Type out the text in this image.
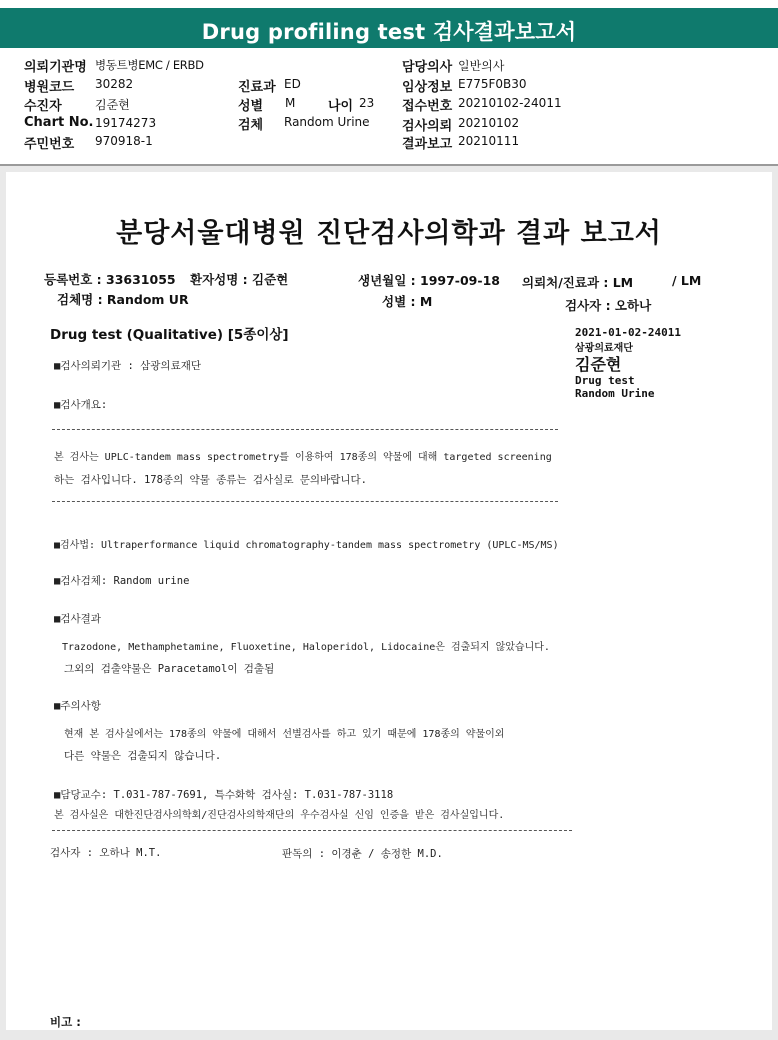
Drug profiling test 검사결과보고서
의뢰기관명 병동트병EMC / ERBD	담당의사 일반의사
병원코드 30282	진료과 ED	임상정보 E775F0B30
수진자	김준현	성별 M	나이 23 접수번호 20210102-24011
Chart No. 19174273	검체 Random Urine 검사의뢰 20210102
주민번호 970918-1	결과보고 20210111
분당서울대병원 진단검사의학과 결과 보고서
등록번호 : 33631055 환자성명 : 김준현	생년월일 : 1997-09-18 의뢰처/진료과 : LM	/ LM
검체명 : Random UR	성별 : M	검사자 : 오하나
Drug test (Qualitative) [5종이상]	2021-01-02-24011
삼광의료재단
김준현
Drug test
Random Urine
■검사의뢰기관 : 삼광의료재단
■검사개요:
본 검사는 UPLC-tandem mass spectrometry를 이용하여 178종의 약물에 대해 targeted screening
하는 검사입니다. 178종의 약물 종류는 검사실로 문의바랍니다.
■검사법: Ultraperformance liquid chromatography-tandem mass spectrometry (UPLC-MS/MS)
■검사검체: Random urine
■검사결과
Trazodone, Methamphetamine, Fluoxetine, Haloperidol, Lidocaine은 검출되지 않았습니다.
그외의 검출약물은 Paracetamol이 검출됨
■주의사항
현재 본 검사실에서는 178종의 약물에 대해서 선별검사를 하고 있기 때문에 178종의 약물이외
다른 약물은 검출되지 않습니다.
■담당교수: T.031-787-7691, 특수화학 검사실: T.031-787-3118
본 검사실은 대한진단검사의학회/진단검사의학재단의 우수검사실 신임 인증을 받은 검사실입니다.
검사자 : 오하나 M.T.	판독의 : 이경춘 / 송정한 M.D.
비고 :
